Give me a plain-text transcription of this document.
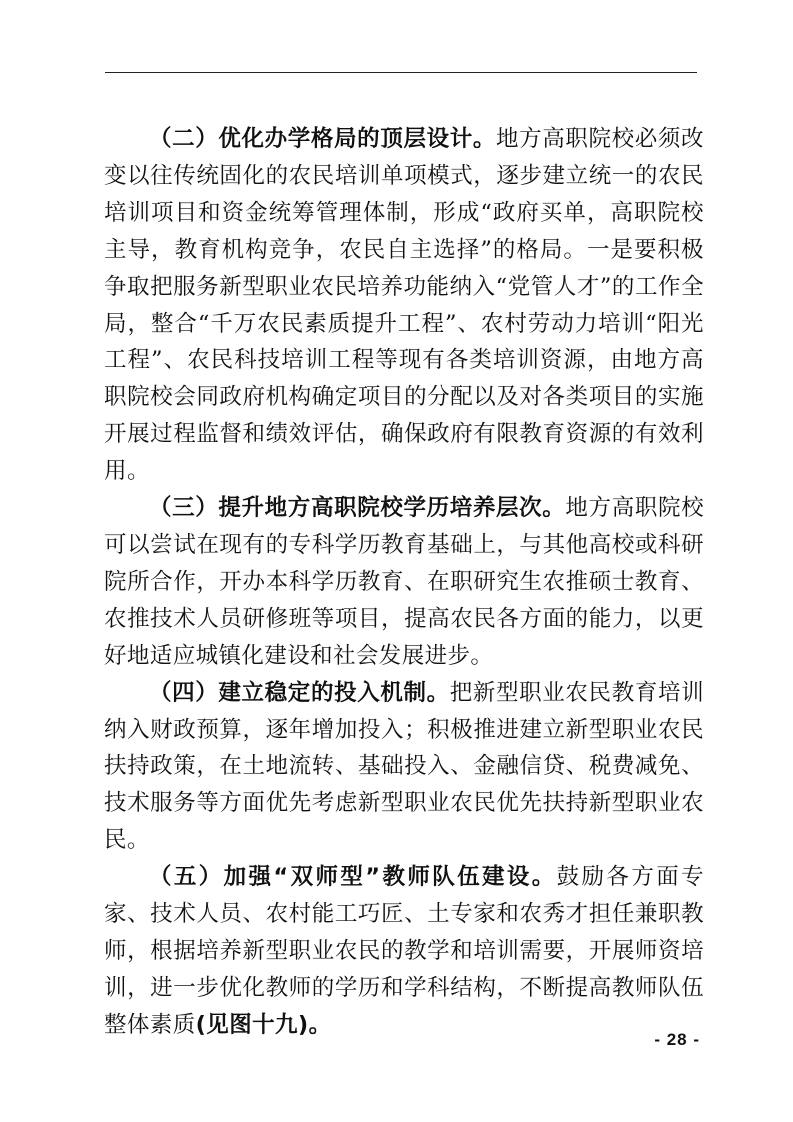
（二）优化办学格局的顶层设计。地方高职院校必须改变以往传统固化的农民培训单项模式，逐步建立统一的农民培训项目和资金统筹管理体制，形成“政府买单，高职院校主导，教育机构竞争，农民自主选择”的格局。一是要积极争取把服务新型职业农民培养功能纳入“党管人才”的工作全局，整合“千万农民素质提升工程”、农村劳动力培训“阳光工程”、农民科技培训工程等现有各类培训资源，由地方高职院校会同政府机构确定项目的分配以及对各类项目的实施开展过程监督和绩效评估，确保政府有限教育资源的有效利用。

（三）提升地方高职院校学历培养层次。地方高职院校可以尝试在现有的专科学历教育基础上，与其他高校或科研院所合作，开办本科学历教育、在职研究生农推硕士教育、农推技术人员研修班等项目，提高农民各方面的能力，以更好地适应城镇化建设和社会发展进步。

（四）建立稳定的投入机制。把新型职业农民教育培训纳入财政预算，逐年增加投入；积极推进建立新型职业农民扶持政策，在土地流转、基础投入、金融信贷、税费减免、技术服务等方面优先考虑新型职业农民优先扶持新型职业农民。

（五）加强“双师型”教师队伍建设。鼓励各方面专家、技术人员、农村能工巧匠、土专家和农秀才担任兼职教师，根据培养新型职业农民的教学和培训需要，开展师资培训，进一步优化教师的学历和学科结构，不断提高教师队伍整体素质(见图十九)。

- 28 -
